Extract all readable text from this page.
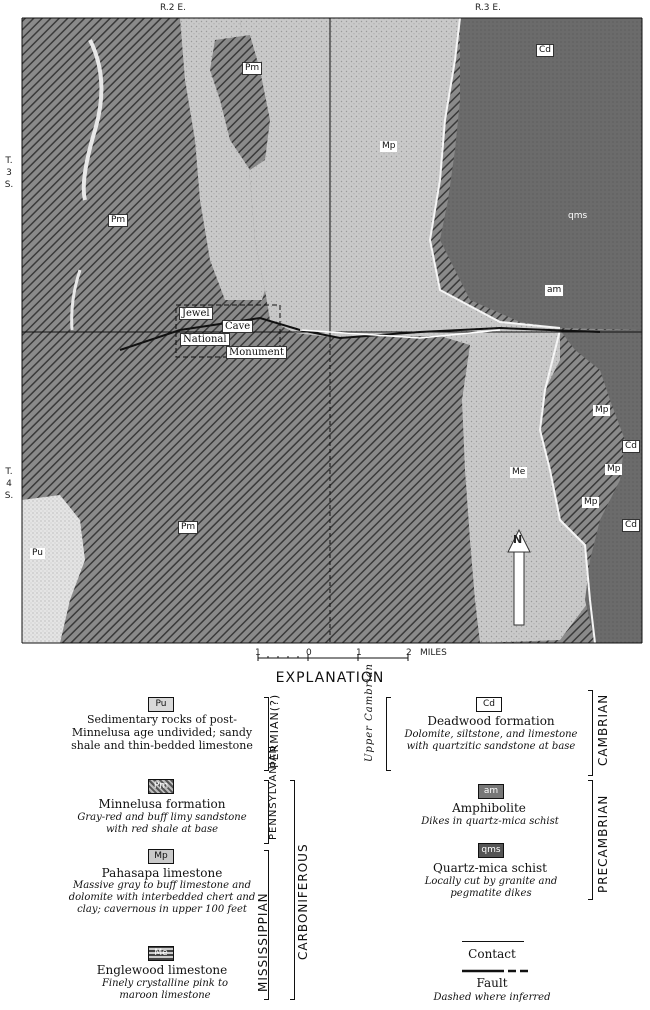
R.2 E.	R.3 E.
T.
3
S.
T.
4
S.
Pm
Pm
Pm
Mp
Cd
qms
am
Mp
Cd
Mp
Me
Mp
Cd
Pu
Jewel
Cave
National
Monument
N
1	0	1	2 MILES
EXPLANATION
Pu
Sedimentary rocks of post-Minnelusa age undivided; sandy shale and thin-bedded limestone
Pm
Minnelusa formation
Gray-red and buff limy sandstone with red shale at base
Mp
Pahasapa limestone
Massive gray to buff limestone and dolomite with interbedded chert and clay; cavernous in upper 100 feet
Me
Englewood limestone
Finely crystalline pink to maroon limestone
PERMIAN(?)
PENNSYLVANIAN
MISSISSIPPIAN CARBONIFEROUS
Upper Cambrian	Cd
Deadwood formation
Dolomite, siltstone, and limestone with quartzitic sandstone at base	CAMBRIAN
am
Amphibolite
Dikes in quartz-mica schist
qms
Quartz-mica schist
Locally cut by granite and pegmatite dikes
PRECAMBRIAN
Contact
Fault
Dashed where inferred
